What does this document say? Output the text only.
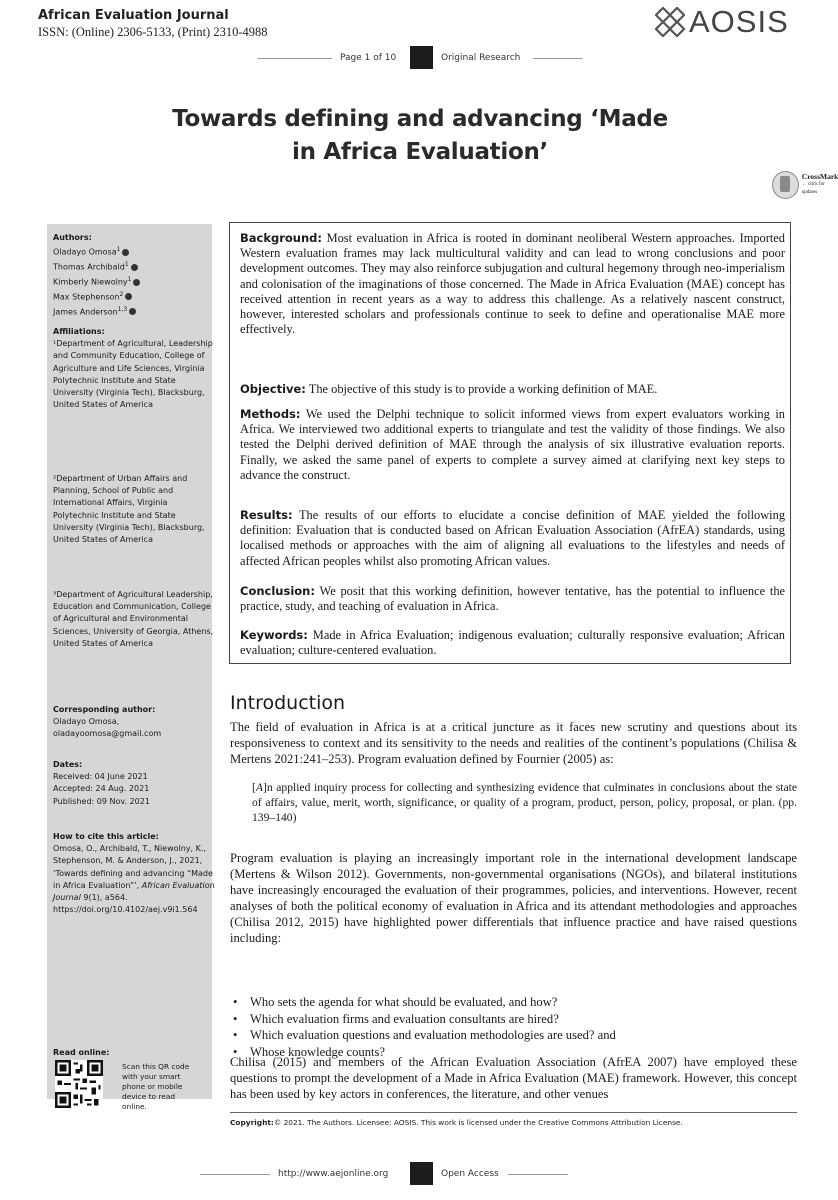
African Evaluation Journal
ISSN: (Online) 2306-5133, (Print) 2310-4988	AOSIS
Page 1 of 10	Original Research
Towards defining and advancing ‘Made
in Africa Evaluation’
CrossMark
← click for updates
Authors:
Oladayo Omosa$^1$
Thomas Archibald$^1$
Kimberly Niewolny$^1$
Max Stephenson$^2$
James Anderson$^{1,3}$
Affiliations:
¹Department of Agricultural, Leadership and Community Education, College of Agriculture and Life Sciences, Virginia Polytechnic Institute and State University (Virginia Tech), Blacksburg, United States of America
²Department of Urban Affairs and Planning, School of Public and International Affairs, Virginia Polytechnic Institute and State University (Virginia Tech), Blacksburg, United States of America
³Department of Agricultural Leadership, Education and Communication, College of Agricultural and Environmental Sciences, University of Georgia, Athens, United States of America
Corresponding author:
Oladayo Omosa,
oladayoomosa@gmail.com
Dates:
Received: 04 June 2021
Accepted: 24 Aug. 2021
Published: 09 Nov. 2021
How to cite this article:
Omosa, O., Archibald, T., Niewolny, K., Stephenson, M. & Anderson, J., 2021, ‘Towards defining and advancing “Made in Africa Evaluation”’, African Evaluation Journal 9(1), a564. https://doi.org/10.4102/aej.v9i1.564
Read online:
Scan this QR code with your smart phone or mobile device to read online.
Background: Most evaluation in Africa is rooted in dominant neoliberal Western approaches. Imported Western evaluation frames may lack multicultural validity and can lead to wrong conclusions and poor development outcomes. They may also reinforce subjugation and cultural hegemony through neo-imperialism and colonisation of the imaginations of those concerned. The Made in Africa Evaluation (MAE) concept has received attention in recent years as a way to address this challenge. As a relatively nascent construct, however, interested scholars and professionals continue to seek to define and operationalise MAE more effectively.
Objective: The objective of this study is to provide a working definition of MAE.
Methods: We used the Delphi technique to solicit informed views from expert evaluators working in Africa. We interviewed two additional experts to triangulate and test the validity of those findings. We also tested the Delphi derived definition of MAE through the analysis of six illustrative evaluation reports. Finally, we asked the same panel of experts to complete a survey aimed at clarifying next key steps to advance the construct.
Results: The results of our efforts to elucidate a concise definition of MAE yielded the following definition: Evaluation that is conducted based on African Evaluation Association (AfrEA) standards, using localised methods or approaches with the aim of aligning all evaluations to the lifestyles and needs of affected African peoples whilst also promoting African values.
Conclusion: We posit that this working definition, however tentative, has the potential to influence the practice, study, and teaching of evaluation in Africa.
Keywords: Made in Africa Evaluation; indigenous evaluation; culturally responsive evaluation; African evaluation; culture-centered evaluation.
Introduction
The field of evaluation in Africa is at a critical juncture as it faces new scrutiny and questions about its responsiveness to context and its sensitivity to the needs and realities of the continent’s populations (Chilisa & Mertens 2021:241–253). Program evaluation defined by Fournier (2005) as:
[A]n applied inquiry process for collecting and synthesizing evidence that culminates in conclusions about the state of affairs, value, merit, worth, significance, or quality of a program, product, person, policy, proposal, or plan. (pp. 139–140)
Program evaluation is playing an increasingly important role in the international development landscape (Mertens & Wilson 2012). Governments, non-governmental organisations (NGOs), and bilateral institutions have increasingly encouraged the evaluation of their programmes, policies, and interventions. However, recent analyses of both the political economy of evaluation in Africa and its attendant methodologies and approaches (Chilisa 2012, 2015) have highlighted power differentials that influence practice and have raised questions including:
• Who sets the agenda for what should be evaluated, and how?
• Which evaluation firms and evaluation consultants are hired?
• Which evaluation questions and evaluation methodologies are used? and
• Whose knowledge counts?
Chilisa (2015) and members of the African Evaluation Association (AfrEA 2007) have employed these questions to prompt the development of a Made in Africa Evaluation (MAE) framework. However, this concept has been used by key actors in conferences, the literature, and other venues
Copyright:© 2021. The Authors. Licensee: AOSIS. This work is licensed under the Creative Commons Attribution License.
http://www.aejonline.org	Open Access
